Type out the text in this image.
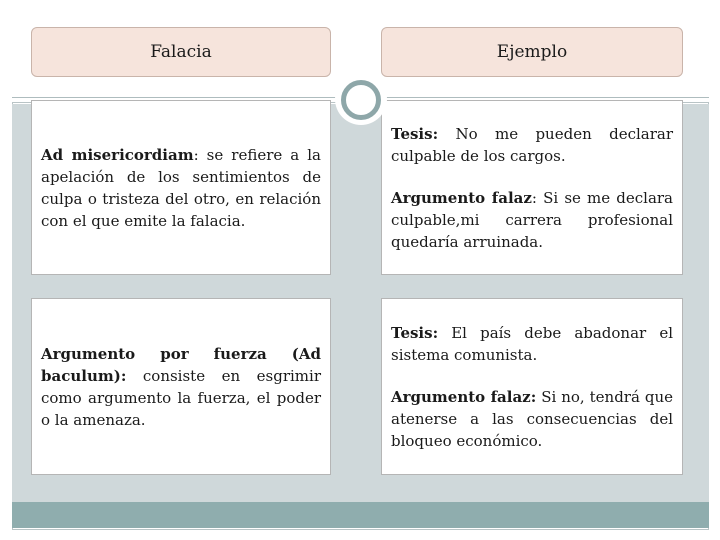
Falacia	Ejemplo

Ad misericordiam: se refiere a la apelación de los sentimientos de culpa o tristeza del otro, en relación con el que emite la falacia.

Tesis: No me pueden declarar culpable de los cargos.

Argumento falaz: Si se me declara culpable,mi carrera profesional quedaría arruinada.

Argumento por fuerza (Ad baculum): consiste en esgrimir como argumento la fuerza, el poder o la amenaza.

Tesis: El país debe abadonar el sistema comunista.

Argumento falaz: Si no, tendrá que atenerse a las consecuencias del bloqueo económico.
